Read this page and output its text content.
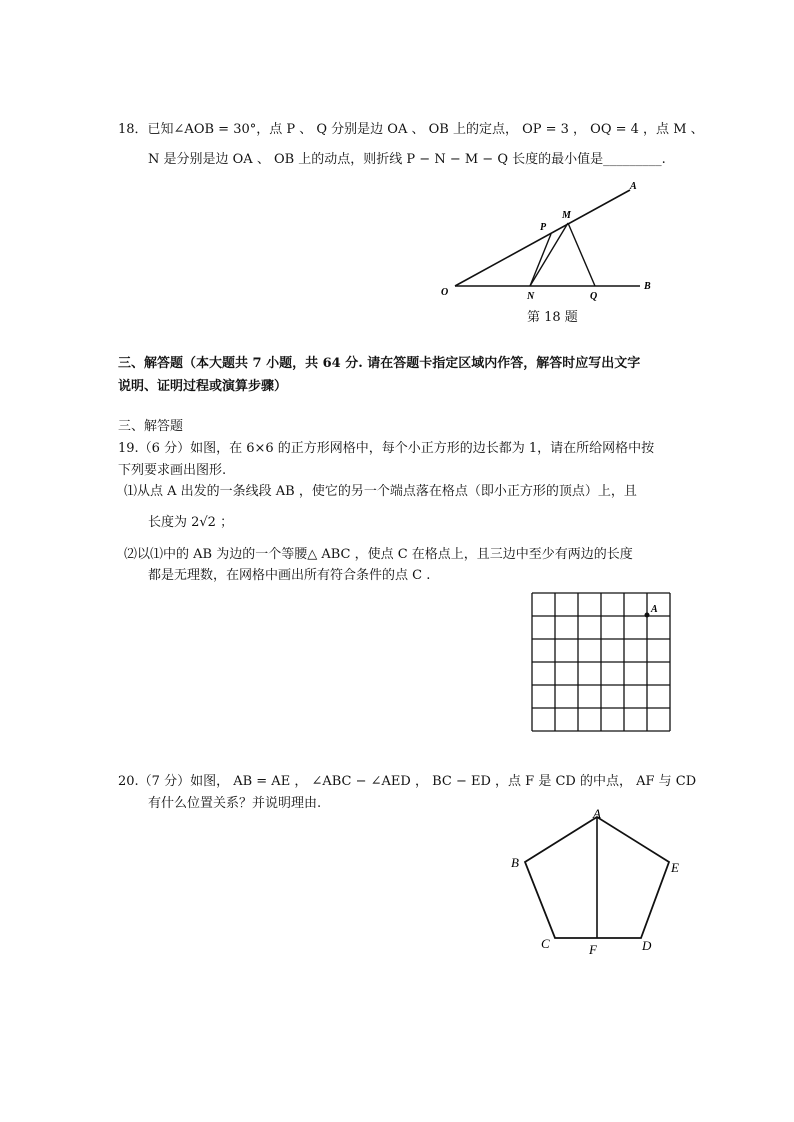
18．已知∠AOB = 30°，点 P 、 Q 分别是边 OA 、 OB 上的定点， OP = 3 ， OQ = 4 ，点 M 、
N 是分别是边 OA 、 OB 上的动点，则折线 P − N − M − Q 长度的最小值是_________.
A
B
O
P
M
N	Q
第 18 题
三、解答题（本大题共 7 小题，共 64 分. 请在答题卡指定区域内作答，解答时应写出文字
说明、证明过程或演算步骤）
三、解答题
19.（6 分）如图，在 6×6 的正方形网格中，每个小正方形的边长都为 1，请在所给网格中按
下列要求画出图形.
⑴从点 A 出发的一条线段 AB ，使它的另一个端点落在格点（即小正方形的顶点）上，且
长度为 2√2 ；
⑵以⑴中的 AB 为边的一个等腰△ ABC ，使点 C 在格点上，且三边中至少有两边的长度
都是无理数，在网格中画出所有符合条件的点 C .
A
20.（7 分）如图， AB = AE ， ∠ABC − ∠AED ， BC − ED ，点 F 是 CD 的中点， AF 与 CD
有什么位置关系？并说明理由.
A
B
C	D
E
F
